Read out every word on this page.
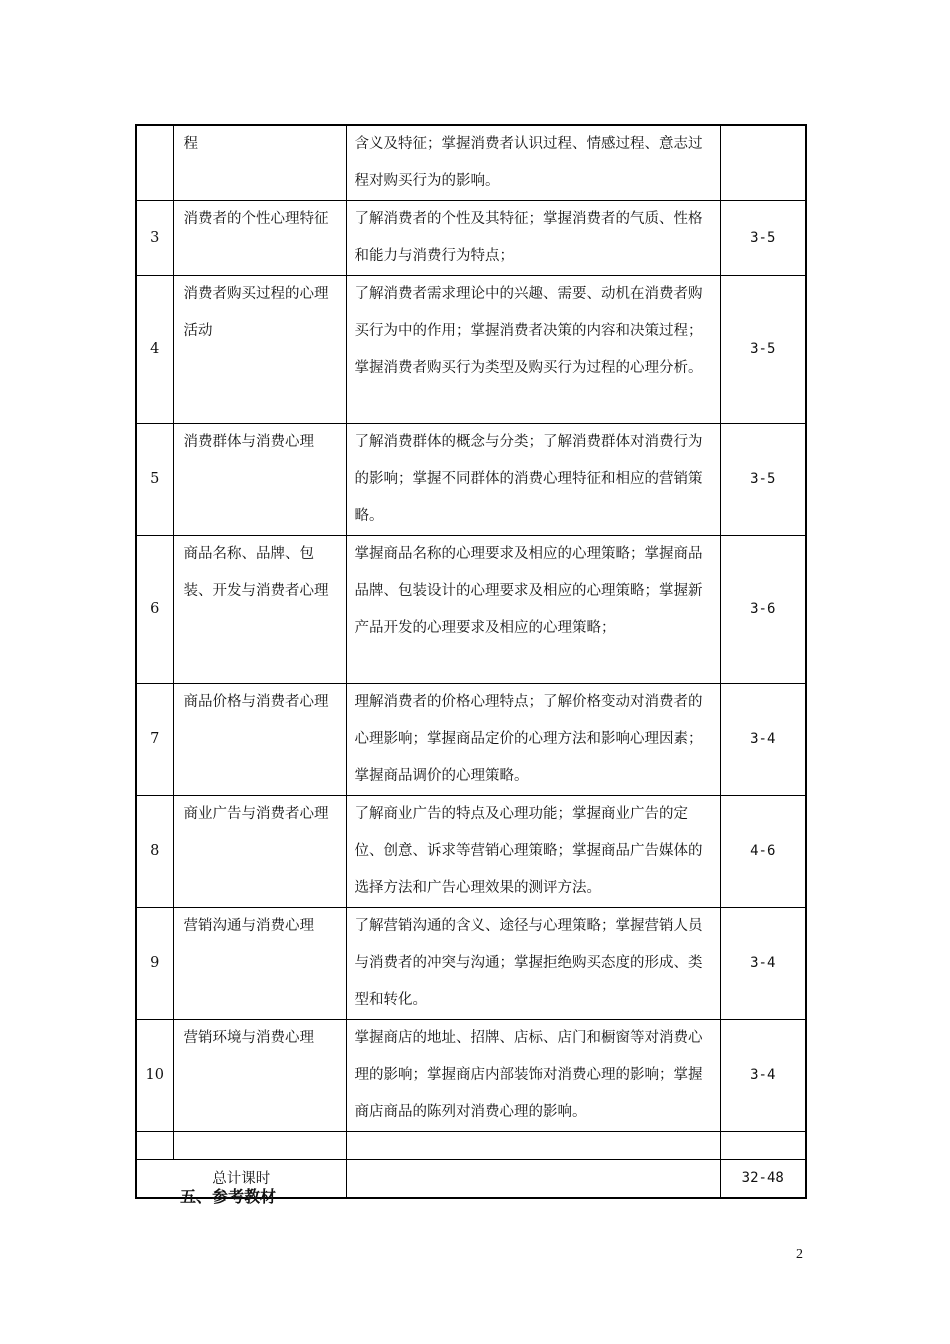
	程	含义及特征；掌握消费者认识过程、情感过程、意志过程对购买行为的影响。	
3	消费者的个性心理特征	了解消费者的个性及其特征；掌握消费者的气质、性格和能力与消费行为特点；	3-5
4	消费者购买过程的心理活动	了解消费者需求理论中的兴趣、需要、动机在消费者购买行为中的作用；掌握消费者决策的内容和决策过程；掌握消费者购买行为类型及购买行为过程的心理分析。	3-5
5	消费群体与消费心理	了解消费群体的概念与分类；了解消费群体对消费行为的影响；掌握不同群体的消费心理特征和相应的营销策略。	3-5
6	商品名称、品牌、包装、开发与消费者心理	掌握商品名称的心理要求及相应的心理策略；掌握商品品牌、包装设计的心理要求及相应的心理策略；掌握新产品开发的心理要求及相应的心理策略；	3-6
7	商品价格与消费者心理	理解消费者的价格心理特点；了解价格变动对消费者的心理影响；掌握商品定价的心理方法和影响心理因素；掌握商品调价的心理策略。	3-4
8	商业广告与消费者心理	了解商业广告的特点及心理功能；掌握商业广告的定位、创意、诉求等营销心理策略；掌握商品广告媒体的选择方法和广告心理效果的测评方法。	4-6
9	营销沟通与消费心理	了解营销沟通的含义、途径与心理策略；掌握营销人员与消费者的冲突与沟通；掌握拒绝购买态度的形成、类型和转化。	3-4
10	营销环境与消费心理	掌握商店的地址、招牌、店标、店门和橱窗等对消费心理的影响；掌握商店内部装饰对消费心理的影响；掌握商店商品的陈列对消费心理的影响。	3-4

总计课时			32-48
五、参考教材
2
